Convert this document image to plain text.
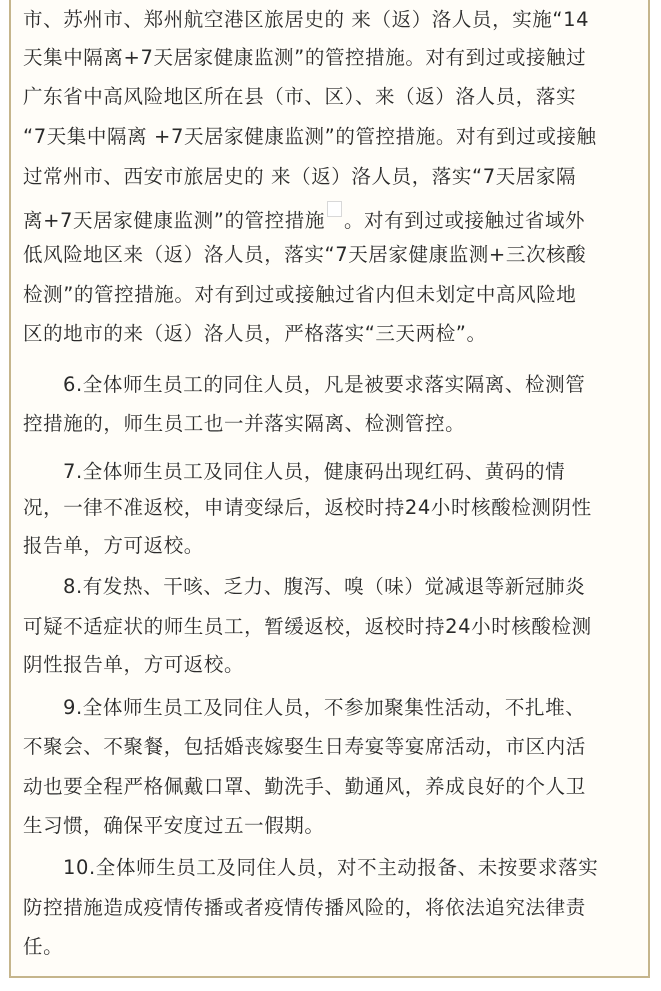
市、苏州市、郑州航空港区旅居史的 来（返）洛人员，实施“14
天集中隔离+7天居家健康监测”的管控措施。对有到过或接触过
广东省中高风险地区所在县（市、区）、来（返）洛人员，落实
“7天集中隔离 +7天居家健康监测”的管控措施。对有到过或接触
过常州市、西安市旅居史的 来（返）洛人员，落实“7天居家隔
离+7天居家健康监测”的管控措施 。对有到过或接触过省域外
低风险地区来（返）洛人员，落实“7天居家健康监测+三次核酸
检测”的管控措施。对有到过或接触过省内但未划定中高风险地
区的地市的来（返）洛人员，严格落实“三天两检”。
6.全体师生员工的同住人员，凡是被要求落实隔离、检测管
控措施的，师生员工也一并落实隔离、检测管控。
7.全体师生员工及同住人员，健康码出现红码、黄码的情
况，一律不准返校，申请变绿后，返校时持24小时核酸检测阴性
报告单，方可返校。
8.有发热、干咳、乏力、腹泻、嗅（味）觉减退等新冠肺炎
可疑不适症状的师生员工，暂缓返校，返校时持24小时核酸检测
阴性报告单，方可返校。
9.全体师生员工及同住人员，不参加聚集性活动，不扎堆、
不聚会、不聚餐，包括婚丧嫁娶生日寿宴等宴席活动，市区内活
动也要全程严格佩戴口罩、勤洗手、勤通风，养成良好的个人卫
生习惯，确保平安度过五一假期。
10.全体师生员工及同住人员，对不主动报备、未按要求落实
防控措施造成疫情传播或者疫情传播风险的，将依法追究法律责
任。
